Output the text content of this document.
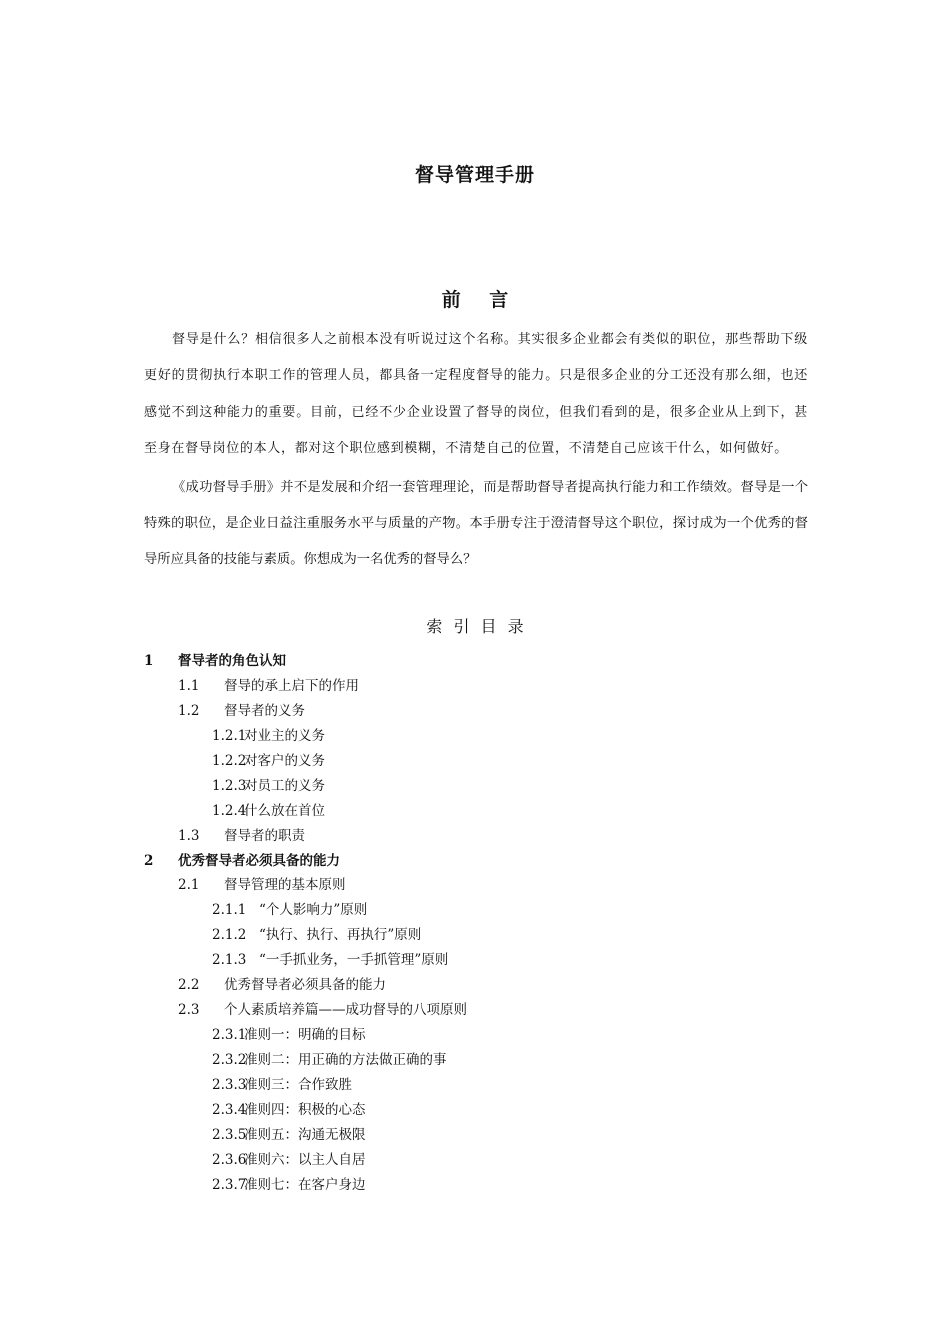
督导管理手册
前 言

督导是什么？相信很多人之前根本没有听说过这个名称。其实很多企业都会有类似的职位，那些帮助下级更好的贯彻执行本职工作的管理人员，都具备一定程度督导的能力。只是很多企业的分工还没有那么细，也还感觉不到这种能力的重要。目前，已经不少企业设置了督导的岗位，但我们看到的是，很多企业从上到下，甚至身在督导岗位的本人，都对这个职位感到模糊，不清楚自己的位置，不清楚自己应该干什么，如何做好。

《成功督导手册》并不是发展和介绍一套管理理论，而是帮助督导者提高执行能力和工作绩效。督导是一个特殊的职位，是企业日益注重服务水平与质量的产物。本手册专注于澄清督导这个职位，探讨成为一个优秀的督导所应具备的技能与素质。你想成为一名优秀的督导么？

索 引 目 录
1 督导者的角色认知
1.1 督导的承上启下的作用
1.2 督导者的义务
1.2.1
对业主的义务
1.2.2
对客户的义务
1.2.3
对员工的义务
1.2.4
什么放在首位
1.3 督导者的职责
2 优秀督导者必须具备的能力
2.1 督导管理的基本原则
2.1.1 “个人影响力”原则
2.1.2 “执行、执行、再执行”原则
2.1.3 “一手抓业务，一手抓管理”原则
2.2 优秀督导者必须具备的能力
2.3 个人素质培养篇——成功督导的八项原则
2.3.1
准则一：明确的目标
2.3.2
准则二：用正确的方法做正确的事
2.3.3
准则三：合作致胜
2.3.4
准则四：积极的心态
2.3.5
准则五：沟通无极限
2.3.6
准则六：以主人自居
2.3.7
准则七：在客户身边
